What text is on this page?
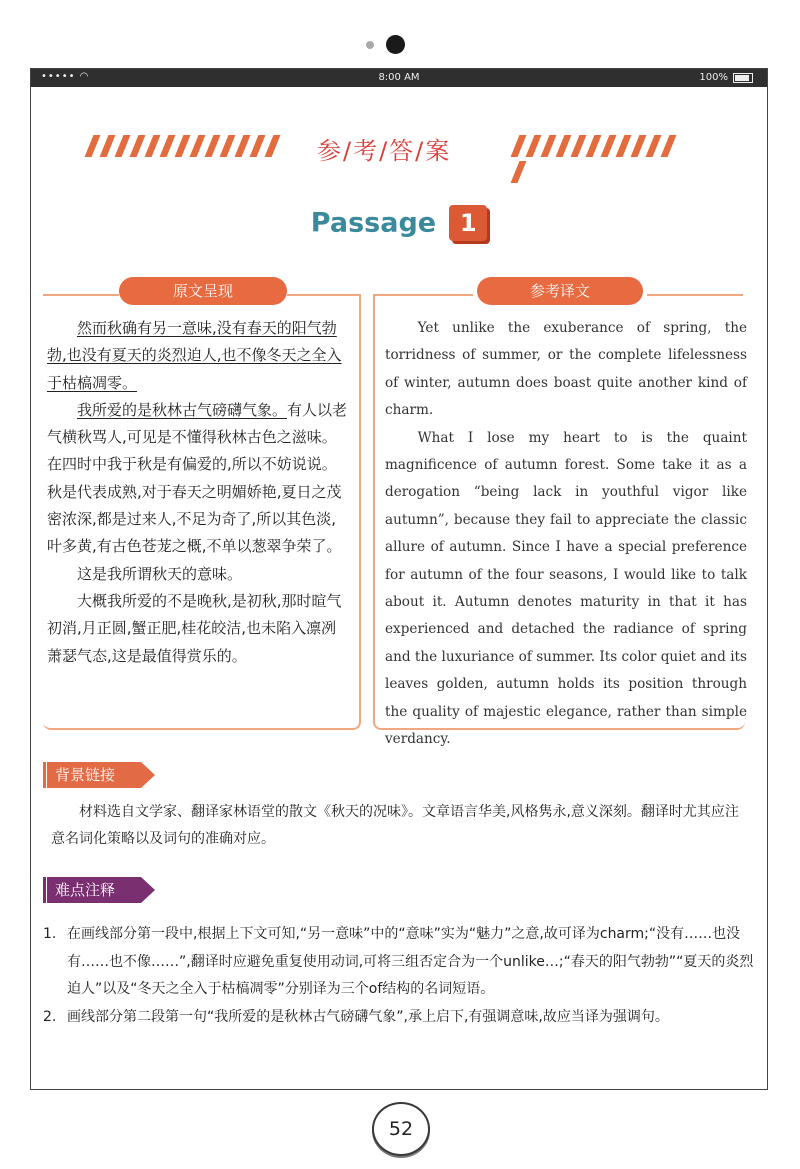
••••• ◠	8:00 AM	100%
参/考/答/案
Passage 1
原文呈现	参考译文

然而秋确有另一意味,没有春天的阳气勃勃,也没有夏天的炎烈迫人,也不像冬天之全入于枯槁凋零。

我所爱的是秋林古气磅礴气象。有人以老气横秋骂人,可见是不懂得秋林古色之滋味。在四时中我于秋是有偏爱的,所以不妨说说。秋是代表成熟,对于春天之明媚娇艳,夏日之茂密浓深,都是过来人,不足为奇了,所以其色淡,叶多黄,有古色苍茏之概,不单以葱翠争荣了。

这是我所谓秋天的意味。

大概我所爱的不是晚秋,是初秋,那时暄气初消,月正圆,蟹正肥,桂花皎洁,也未陷入凛冽萧瑟气态,这是最值得赏乐的。

Yet unlike the exuberance of spring, the torridness of summer, or the complete lifelessness of winter, autumn does boast quite another kind of charm.

What I lose my heart to is the quaint magnificence of autumn forest. Some take it as a derogation “being lack in youthful vigor like autumn”, because they fail to appreciate the classic allure of autumn. Since I have a special preference for autumn of the four seasons, I would like to talk about it. Autumn denotes maturity in that it has experienced and detached the radiance of spring and the luxuriance of summer. Its color quiet and its leaves golden, autumn holds its position through the quality of majestic elegance, rather than simple verdancy.

背景链接
材料选自文学家、翻译家林语堂的散文《秋天的况味》。文章语言华美,风格隽永,意义深刻。翻译时尤其应注意名词化策略以及词句的准确对应。
难点注释
1. 在画线部分第一段中,根据上下文可知,“另一意味”中的“意味”实为“魅力”之意,故可译为charm;“没有……也没有……也不像……”,翻译时应避免重复使用动词,可将三组否定合为一个unlike…;“春天的阳气勃勃”“夏天的炎烈迫人”以及“冬天之全入于枯槁凋零”分别译为三个of结构的名词短语。
2. 画线部分第二段第一句“我所爱的是秋林古气磅礴气象”,承上启下,有强调意味,故应当译为强调句。
52
